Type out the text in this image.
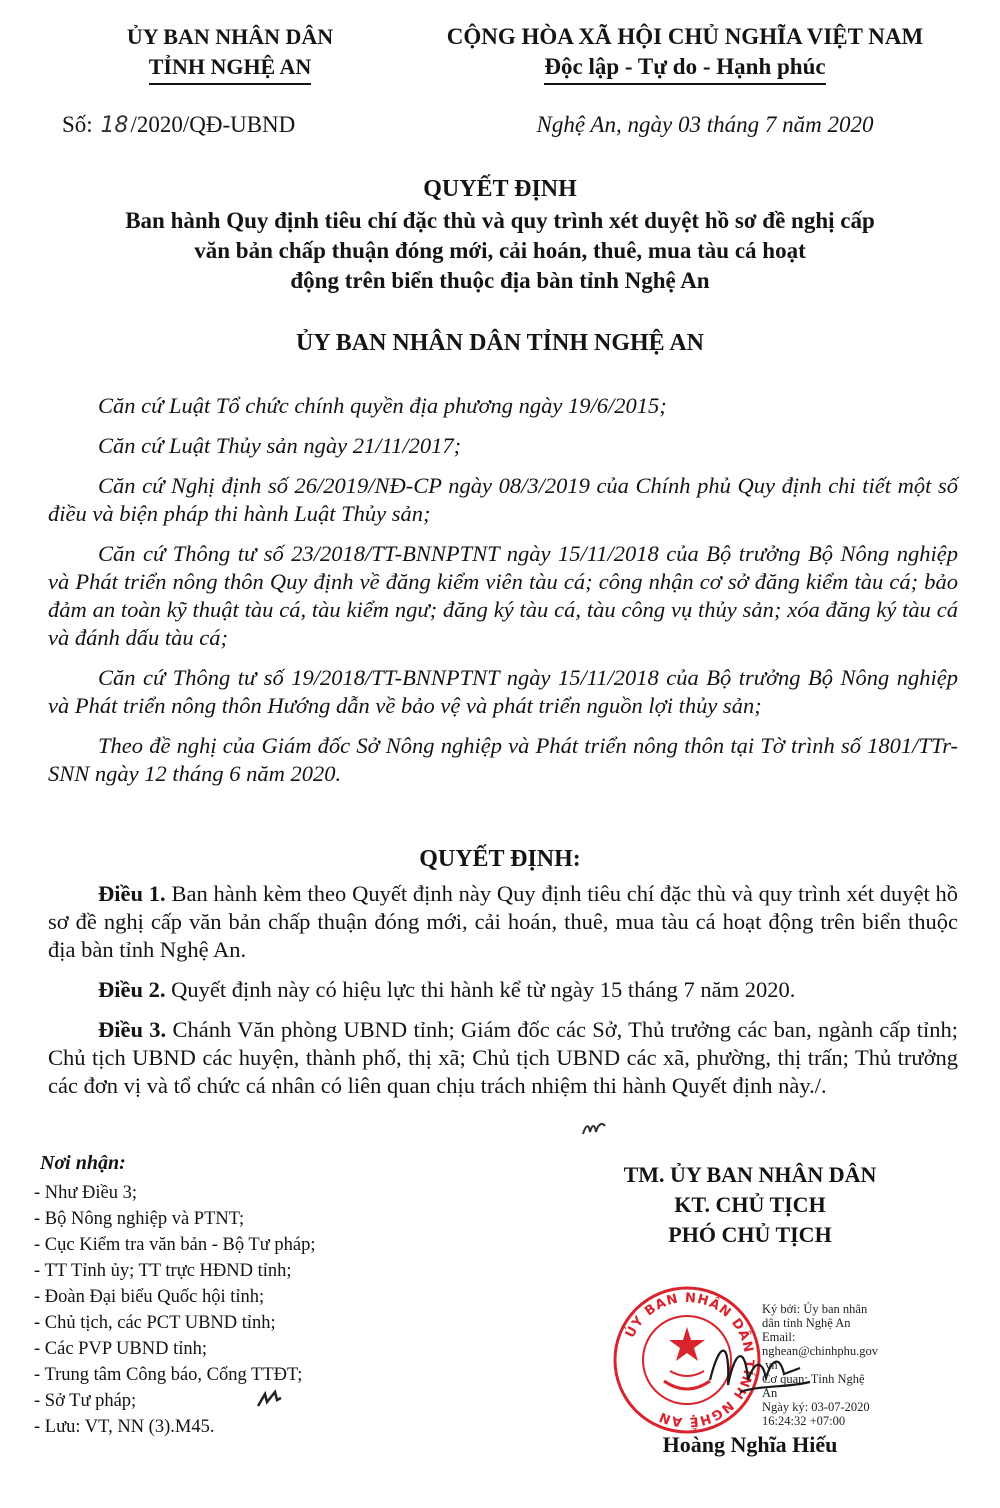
ỦY BAN NHÂN DÂN
TỈNH NGHỆ AN
CỘNG HÒA XÃ HỘI CHỦ NGHĨA VIỆT NAM
Độc lập - Tự do - Hạnh phúc
Số: 18/2020/QĐ-UBND	Nghệ An, ngày 03 tháng 7 năm 2020
QUYẾT ĐỊNH
Ban hành Quy định tiêu chí đặc thù và quy trình xét duyệt hồ sơ đề nghị cấp
văn bản chấp thuận đóng mới, cải hoán, thuê, mua tàu cá hoạt
động trên biển thuộc địa bàn tỉnh Nghệ An
ỦY BAN NHÂN DÂN TỈNH NGHỆ AN
Căn cứ Luật Tổ chức chính quyền địa phương ngày 19/6/2015;
Căn cứ Luật Thủy sản ngày 21/11/2017;
Căn cứ Nghị định số 26/2019/NĐ-CP ngày 08/3/2019 của Chính phủ Quy định chi tiết một số điều và biện pháp thi hành Luật Thủy sản;
Căn cứ Thông tư số 23/2018/TT-BNNPTNT ngày 15/11/2018 của Bộ trưởng Bộ Nông nghiệp và Phát triển nông thôn Quy định về đăng kiểm viên tàu cá; công nhận cơ sở đăng kiểm tàu cá; bảo đảm an toàn kỹ thuật tàu cá, tàu kiểm ngư; đăng ký tàu cá, tàu công vụ thủy sản; xóa đăng ký tàu cá và đánh dấu tàu cá;
Căn cứ Thông tư số 19/2018/TT-BNNPTNT ngày 15/11/2018 của Bộ trưởng Bộ Nông nghiệp và Phát triển nông thôn Hướng dẫn về bảo vệ và phát triển nguồn lợi thủy sản;
Theo đề nghị của Giám đốc Sở Nông nghiệp và Phát triển nông thôn tại Tờ trình số 1801/TTr-SNN ngày 12 tháng 6 năm 2020.
QUYẾT ĐỊNH:
Điều 1. Ban hành kèm theo Quyết định này Quy định tiêu chí đặc thù và quy trình xét duyệt hồ sơ đề nghị cấp văn bản chấp thuận đóng mới, cải hoán, thuê, mua tàu cá hoạt động trên biển thuộc địa bàn tỉnh Nghệ An.
Điều 2. Quyết định này có hiệu lực thi hành kể từ ngày 15 tháng 7 năm 2020.
Điều 3. Chánh Văn phòng UBND tỉnh; Giám đốc các Sở, Thủ trưởng các ban, ngành cấp tỉnh; Chủ tịch UBND các huyện, thành phố, thị xã; Chủ tịch UBND các xã, phường, thị trấn; Thủ trưởng các đơn vị và tổ chức cá nhân có liên quan chịu trách nhiệm thi hành Quyết định này./.
Nơi nhận:
- Như Điều 3;
- Bộ Nông nghiệp và PTNT;
- Cục Kiểm tra văn bản - Bộ Tư pháp;
- TT Tỉnh ủy; TT trực HĐND tỉnh;
- Đoàn Đại biểu Quốc hội tỉnh;
- Chủ tịch, các PCT UBND tỉnh;
- Các PVP UBND tỉnh;
- Trung tâm Công báo, Cổng TTĐT;
- Sở Tư pháp;
- Lưu: VT, NN (3).M45.
TM. ỦY BAN NHÂN DÂN
KT. CHỦ TỊCH
PHÓ CHỦ TỊCH
ỦY BAN NHÂN DÂN TỈNH NGHỆ AN
Ký bởi: Ủy ban nhân
dân tỉnh Nghệ An
Email:
nghean@chinhphu.gov
.vn
Cơ quan: Tỉnh Nghệ
An
Ngày ký: 03-07-2020
16:24:32 +07:00
Hoàng Nghĩa Hiếu
